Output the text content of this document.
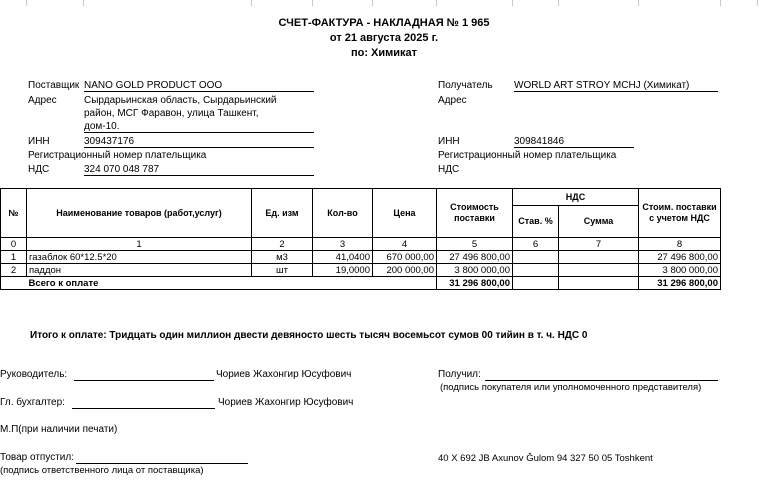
СЧЕТ-ФАКТУРА - НАКЛАДНАЯ № 1 965
от 21 августа 2025 г.
по: Химикат
Поставщик NANO GOLD PRODUCT OOO
Адрес	Сырдарьинская область, Сырдарьинский
район, МСГ Фаравон, улица Ташкент,
дом-10.
ИНН	309437176
Регистрационный номер плательщика
НДС	324 070 048 787
Получатель WORLD ART STROY MCHJ (Химикат)
Адрес
ИНН	309841846
Регистрационный номер плательщика
НДС
№	Наименование товаров (работ,услуг)	Ед. изм	Кол-во	Цена	Стоимость поставки	НДС		Стоим. поставки с учетом НДС
						Став. %	Сумма	
0	1	2	3	4	5	6	7	8
1	газаблок 60*12.5*20	м3	41,0400	670 000,00	27 496 800,00			27 496 800,00
2	паддон	шт	19,0000	200 000,00	3 800 000,00			3 800 000,00
	Всего к оплате				31 296 800,00			31 296 800,00
Итого к оплате: Тридцать один миллион двести девяносто шесть тысяч восемьсот сумов 00 тийин в т. ч. НДС 0
Руководитель:	Чориев Жахонгир Юсуфович
Гл. бухгалтер:	Чориев Жахонгир Юсуфович
М.П(при наличии печати)
Товар отпустил:
(подпись ответственного лица от поставщика)
Получил:
(подпись покупателя или уполномоченного представителя)
40 X 692 JB Axunov Ǧulom 94 327 50 05 Toshkent
